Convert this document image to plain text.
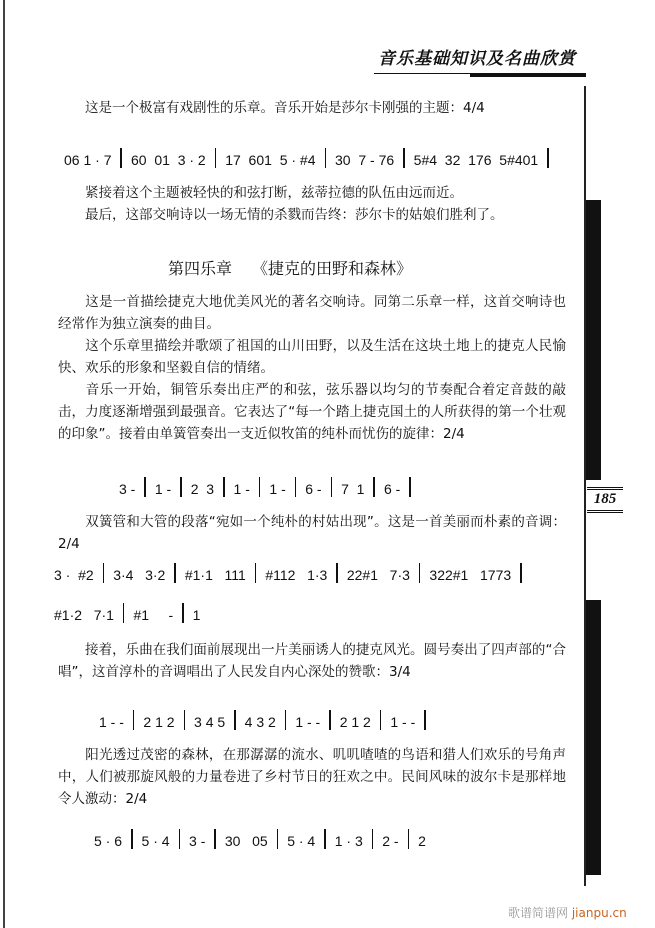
音乐基础知识及名曲欣赏
185
这是一个极富有戏剧性的乐章。音乐开始是莎尔卡刚强的主题：4/4
06 1 · 7	60  01  3 · 2	17  601  5 · #4	30  7 - 76	5#4  32  176  5#401
紧接着这个主题被轻快的和弦打断，兹蒂拉德的队伍由远而近。
最后，这部交响诗以一场无情的杀戮而告终：莎尔卡的姑娘们胜利了。
第四乐章 《捷克的田野和森林》
这是一首描绘捷克大地优美风光的著名交响诗。同第二乐章一样，这首交响诗也经常作为独立演奏的曲目。
这个乐章里描绘并歌颂了祖国的山川田野，以及生活在这块土地上的捷克人民愉快、欢乐的形象和坚毅自信的情绪。
音乐一开始，铜管乐奏出庄严的和弦，弦乐器以均匀的节奏配合着定音鼓的敲击，力度逐渐增强到最强音。它表达了“每一个踏上捷克国土的人所获得的第一个壮观的印象”。接着由单簧管奏出一支近似牧笛的纯朴而忧伤的旋律：2/4
3 -	1 -	2  3	1 -	1 -	6 -	7  1	6 -
双簧管和大管的段落“宛如一个纯朴的村姑出现”。这是一首美丽而朴素的音调：2/4
3 ·  #2	3·4   3·2	#1·1   111	#112   1·3	22#1   7·3	322#1   1773
#1·2   7·1	#1     -	1
接着，乐曲在我们面前展现出一片美丽诱人的捷克风光。圆号奏出了四声部的“合唱”，这首淳朴的音调唱出了人民发自内心深处的赞歌：3/4
1 - -	2 1 2	3 4 5	4 3 2	1 - -	2 1 2	1 - -
阳光透过茂密的森林，在那潺潺的流水、叽叽喳喳的鸟语和猎人们欢乐的号角声中，人们被那旋风般的力量卷进了乡村节日的狂欢之中。民间风味的波尔卡是那样地令人激动：2/4
5 · 6	5 · 4	3 -	30   05	5 · 4	1 · 3	2 -	2
歌谱简谱网 jianpu.cn
